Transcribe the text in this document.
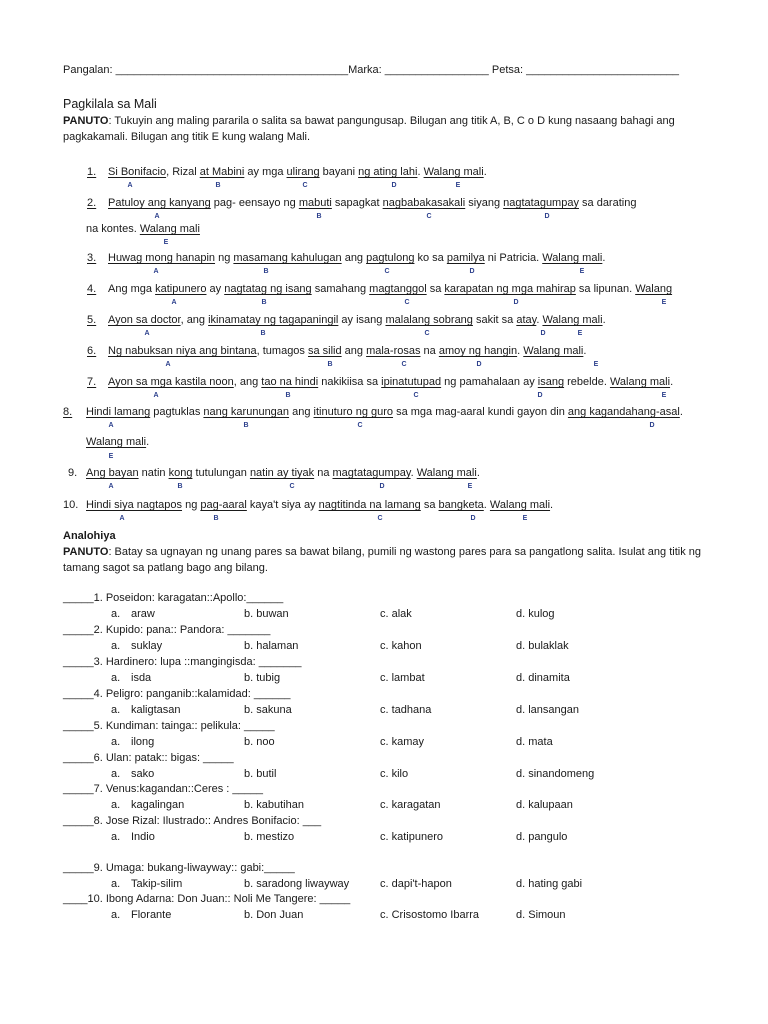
Pangalan: ______________________________________Marka: _________________ Petsa: _________________________
Pagkilala sa Mali
PANUTO: Tukuyin ang maling pararila o salita sa bawat pangungusap. Bilugan ang titik A, B, C o D kung nasaang bahagi ang pagkakamali. Bilugan ang titik E kung walang Mali.
1. Si Bonifacio, Rizal at Mabini ay mga ulirang bayani ng ating lahi. Walang mali.
A	B	C	D	E
2. Patuloy ang kanyang pag- eensayo ng mabuti sapagkat nagbabakasakali siyang nagtatagumpay sa darating
na kontes. Walang mali
A	B	C	D
E
3. Huwag mong hanapin ng masamang kahulugan ang pagtulong ko sa pamilya ni Patricia. Walang mali.
A	B	C	D	E
4. Ang mga katipunero ay nagtatag ng isang samahang magtanggol sa karapatan ng mga mahirap sa lipunan. Walang
A	B	C	D	E
5. Ayon sa doctor, ang ikinamatay ng tagapaningil ay isang malalang sobrang sakit sa atay. Walang mali.
A	B	C	D	E
6. Ng nabuksan niya ang bintana, tumagos sa silid ang mala-rosas na amoy ng hangin. Walang mali.
A	B	C	D	E
7. Ayon sa mga kastila noon, ang tao na hindi nakikiisa sa ipinatutupad ng pamahalaan ay isang rebelde. Walang mali.
A	B	C	D	E
8. Hindi lamang pagtuklas nang karunungan ang itinuturo ng guro sa mga mag-aaral kundi gayon din ang kagandahang-asal.
Walang mali.
A	B	C	D
E
9. Ang bayan natin kong tutulungan natin ay tiyak na magtatagumpay. Walang mali.
A	B	C	D	E
10. Hindi siya nagtapos ng pag-aaral kaya't siya ay nagtitinda na lamang sa bangketa. Walang mali.
A	B	C	D	E
Analohiya
PANUTO: Batay sa ugnayan ng unang pares sa bawat bilang, pumili ng wastong pares para sa pangatlong salita. Isulat ang titik ng tamang sagot sa patlang bago ang bilang.
_____1. Poseidon: karagatan::Apollo:______
a. araw	b. buwan	c. alak	d. kulog
_____2. Kupido: pana:: Pandora: _______
a. suklay	b. halaman	c. kahon	d. bulaklak
_____3. Hardinero: lupa ::mangingisda: _______
a. isda	b. tubig	c. lambat	d. dinamita
_____4. Peligro: panganib::kalamidad: ______
a. kaligtasan	b. sakuna	c. tadhana	d. lansangan
_____5. Kundiman: tainga:: pelikula: _____
a. ilong	b. noo	c. kamay	d. mata
_____6. Ulan: patak:: bigas: _____
a. sako	b. butil	c. kilo	d. sinandomeng
_____7. Venus:kagandan::Ceres : _____
a. kagalingan	b. kabutihan	c. karagatan	d. kalupaan
_____8. Jose Rizal: Ilustrado:: Andres Bonifacio: ___
a. Indio	b. mestizo	c. katipunero	d. pangulo
_____9. Umaga: bukang-liwayway:: gabi:_____
a. Takip-silim	b. saradong liwayway	c. dapi't-hapon	d. hating gabi
____10. Ibong Adarna: Don Juan:: Noli Me Tangere: _____
a. Florante	b. Don Juan	c. Crisostomo Ibarra	d. Simoun
